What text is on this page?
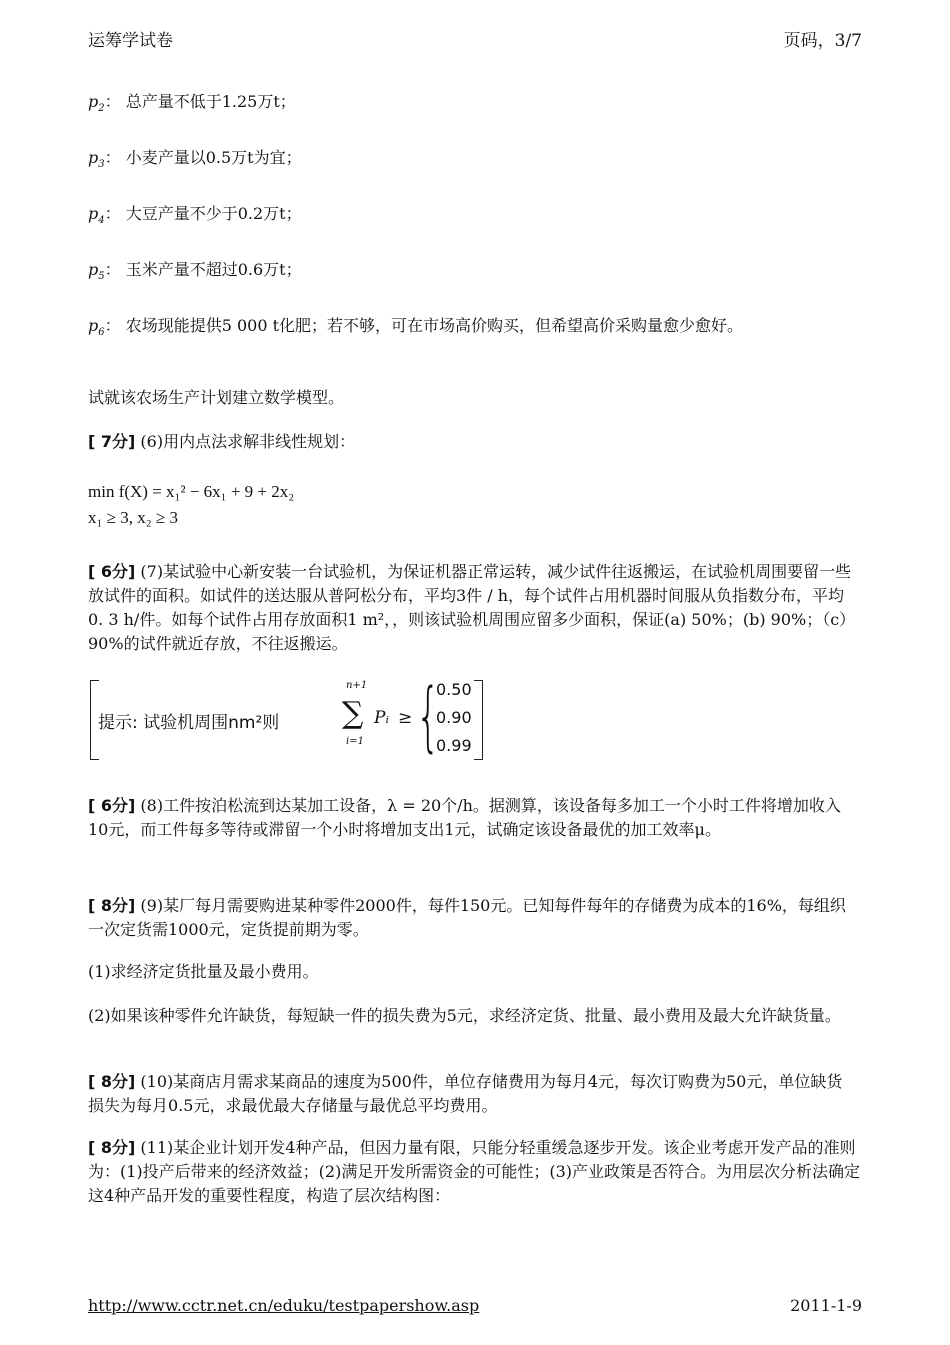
运筹学试卷	页码，3/7
$p_2$： 总产量不低于1.25万t；
$p_3$： 小麦产量以0.5万t为宜；
$p_4$： 大豆产量不少于0.2万t；
$p_5$： 玉米产量不超过0.6万t；
$p_6$： 农场现能提供5 000 t化肥；若不够，可在市场高价购买，但希望高价采购量愈少愈好。
试就该农场生产计划建立数学模型。
[ 7分] (6)用内点法求解非线性规划：
min f(X) = x₁² − 6x₁ + 9 + 2x₂
x₁ ≥ 3, x₂ ≥ 3
[ 6分] (7)某试验中心新安装一台试验机，为保证机器正常运转，减少试件往返搬运，在试验机周围要留一些放试件的面积。如试件的送达服从普阿松分布，平均3件 / h，每个试件占用机器时间服从负指数分布，平均0. 3 h/件。如每个试件占用存放面积1 m²，，则该试验机周围应留多少面积，保证(a) 50%；(b) 90%；（c）90%的试件就近存放，不往返搬运。
提示: 试验机周围nm²则
n+1
∑
i=1
Pᵢ ≥ {
0.50
0.90
0.99
[ 6分] (8)工件按泊松流到达某加工设备，λ = 20个/h。据测算，该设备每多加工一个小时工件将增加收入10元，而工件每多等待或滞留一个小时将增加支出1元，试确定该设备最优的加工效率μ。
[ 8分] (9)某厂每月需要购进某种零件2000件，每件150元。已知每件每年的存储费为成本的16%，每组织一次定货需1000元，定货提前期为零。
(1)求经济定货批量及最小费用。
(2)如果该种零件允许缺货，每短缺一件的损失费为5元，求经济定货、批量、最小费用及最大允许缺货量。
[ 8分] (10)某商店月需求某商品的速度为500件，单位存储费用为每月4元，每次订购费为50元，单位缺货损失为每月0.5元，求最优最大存储量与最优总平均费用。
[ 8分] (11)某企业计划开发4种产品，但因力量有限，只能分轻重缓急逐步开发。该企业考虑开发产品的准则为：(1)投产后带来的经济效益；(2)满足开发所需资金的可能性；(3)产业政策是否符合。为用层次分析法确定这4种产品开发的重要性程度，构造了层次结构图：
http://www.cctr.net.cn/eduku/testpapershow.asp	2011-1-9
